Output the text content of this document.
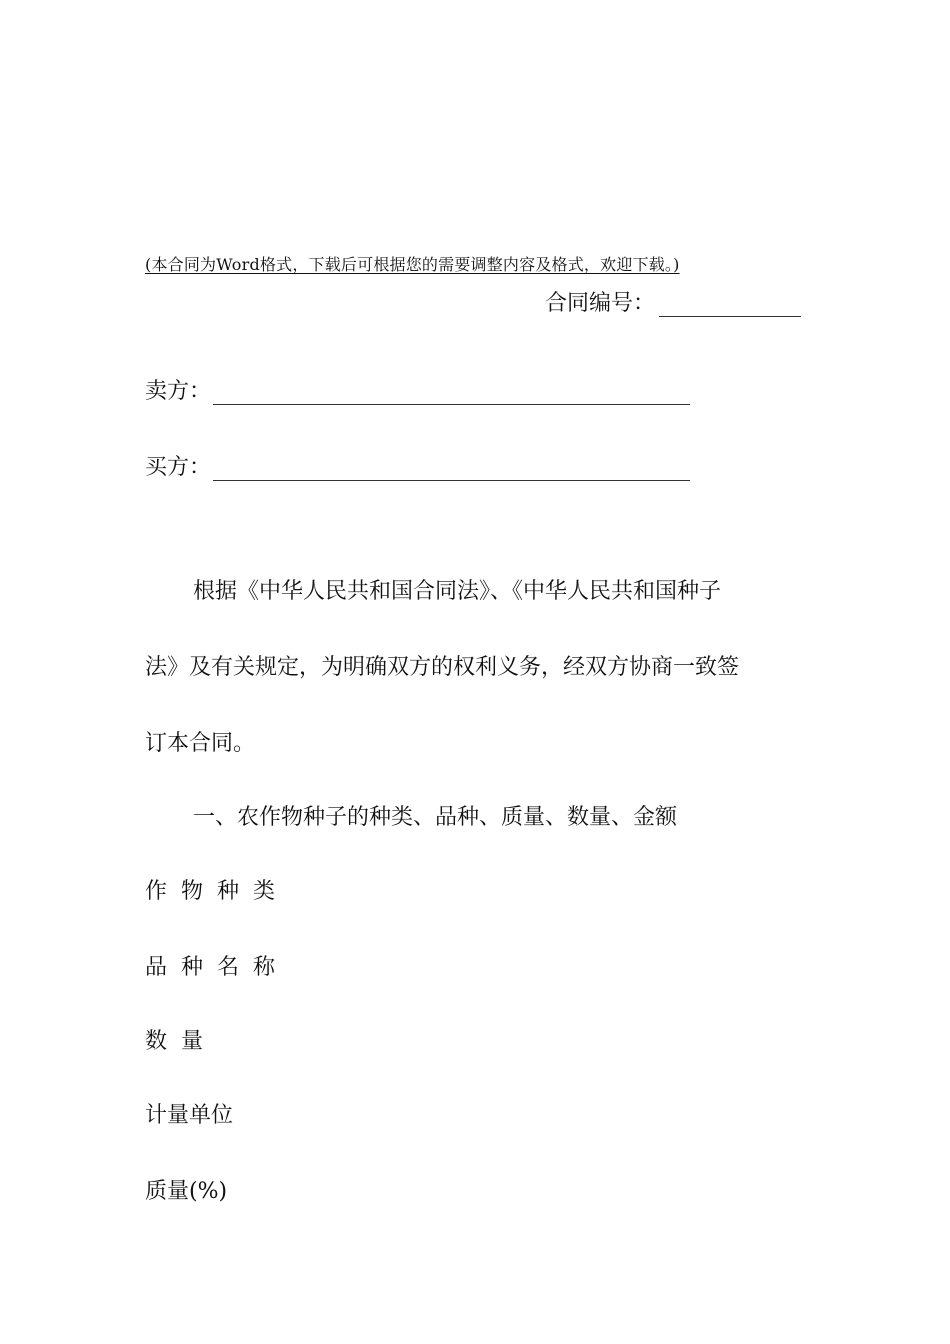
(本合同为Word格式，下载后可根据您的需要调整内容及格式，欢迎下载。)
合同编号：
卖方：
买方：
根据《中华人民共和国合同法》、《中华人民共和国种子
法》及有关规定，为明确双方的权利义务，经双方协商一致签
订本合同。
一、农作物种子的种类、品种、质量、数量、金额
作物种类
品种名称
数量
计量单位
质量(%)
